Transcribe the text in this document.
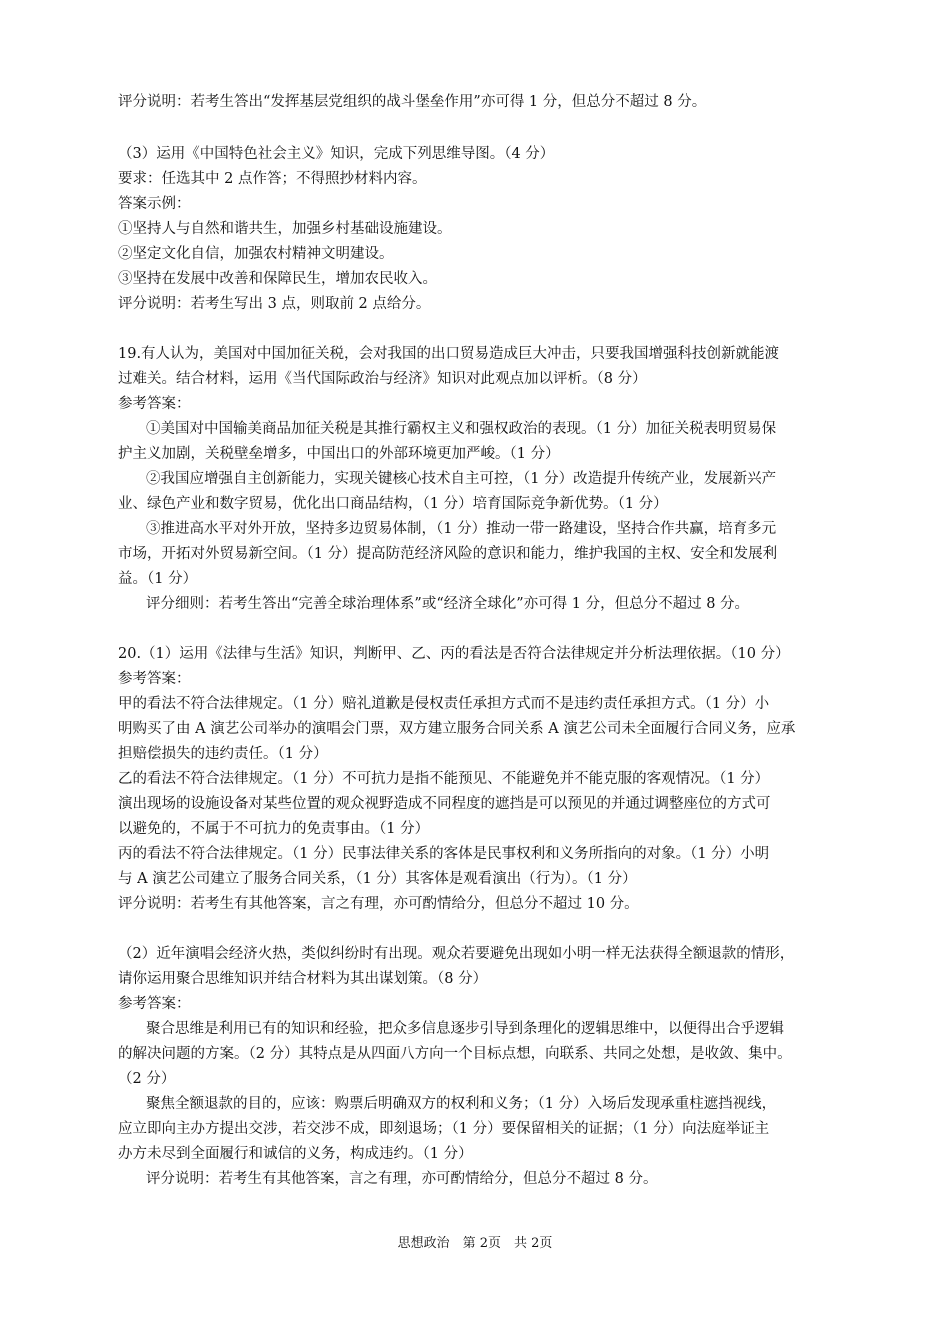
评分说明：若考生答出“发挥基层党组织的战斗堡垒作用”亦可得 1 分，但总分不超过 8 分。
（3）运用《中国特色社会主义》知识，完成下列思维导图。（4 分）
要求：任选其中 2 点作答；不得照抄材料内容。
答案示例：
①坚持人与自然和谐共生，加强乡村基础设施建设。
②坚定文化自信，加强农村精神文明建设。
③坚持在发展中改善和保障民生，增加农民收入。
评分说明：若考生写出 3 点，则取前 2 点给分。
19.有人认为，美国对中国加征关税，会对我国的出口贸易造成巨大冲击，只要我国增强科技创新就能渡
过难关。结合材料，运用《当代国际政治与经济》知识对此观点加以评析。（8 分）
参考答案：
①美国对中国输美商品加征关税是其推行霸权主义和强权政治的表现。（1 分）加征关税表明贸易保
护主义加剧，关税壁垒增多，中国出口的外部环境更加严峻。（1 分）
②我国应增强自主创新能力，实现关键核心技术自主可控，（1 分）改造提升传统产业，发展新兴产
业、绿色产业和数字贸易，优化出口商品结构，（1 分）培育国际竞争新优势。（1 分）
③推进高水平对外开放，坚持多边贸易体制，（1 分）推动一带一路建设，坚持合作共赢，培育多元
市场，开拓对外贸易新空间。（1 分）提高防范经济风险的意识和能力，维护我国的主权、安全和发展利
益。（1 分）
评分细则：若考生答出“完善全球治理体系”或“经济全球化”亦可得 1 分，但总分不超过 8 分。
20.（1）运用《法律与生活》知识，判断甲、乙、丙的看法是否符合法律规定并分析法理依据。（10 分）
参考答案：
甲的看法不符合法律规定。（1 分）赔礼道歉是侵权责任承担方式而不是违约责任承担方式。（1 分）小
明购买了由 A 演艺公司举办的演唱会门票，双方建立服务合同关系 A 演艺公司未全面履行合同义务，应承
担赔偿损失的违约责任。（1 分）
乙的看法不符合法律规定。（1 分）不可抗力是指不能预见、不能避免并不能克服的客观情况。（1 分）
演出现场的设施设备对某些位置的观众视野造成不同程度的遮挡是可以预见的并通过调整座位的方式可
以避免的，不属于不可抗力的免责事由。（1 分）
丙的看法不符合法律规定。（1 分）民事法律关系的客体是民事权利和义务所指向的对象。（1 分）小明
与 A 演艺公司建立了服务合同关系，（1 分）其客体是观看演出（行为）。（1 分）
评分说明：若考生有其他答案，言之有理，亦可酌情给分，但总分不超过 10 分。
（2）近年演唱会经济火热，类似纠纷时有出现。观众若要避免出现如小明一样无法获得全额退款的情形，
请你运用聚合思维知识并结合材料为其出谋划策。（8 分）
参考答案：
聚合思维是利用已有的知识和经验，把众多信息逐步引导到条理化的逻辑思维中，以便得出合乎逻辑
的解决问题的方案。（2 分）其特点是从四面八方向一个目标点想，向联系、共同之处想，是收敛、集中。
（2 分）
聚焦全额退款的目的，应该：购票后明确双方的权利和义务；（1 分）入场后发现承重柱遮挡视线，
应立即向主办方提出交涉，若交涉不成，即刻退场；（1 分）要保留相关的证据；（1 分）向法庭举证主
办方未尽到全面履行和诚信的义务，构成违约。（1 分）
评分说明：若考生有其他答案，言之有理，亦可酌情给分，但总分不超过 8 分。
思想政治　第 2页　共 2页
